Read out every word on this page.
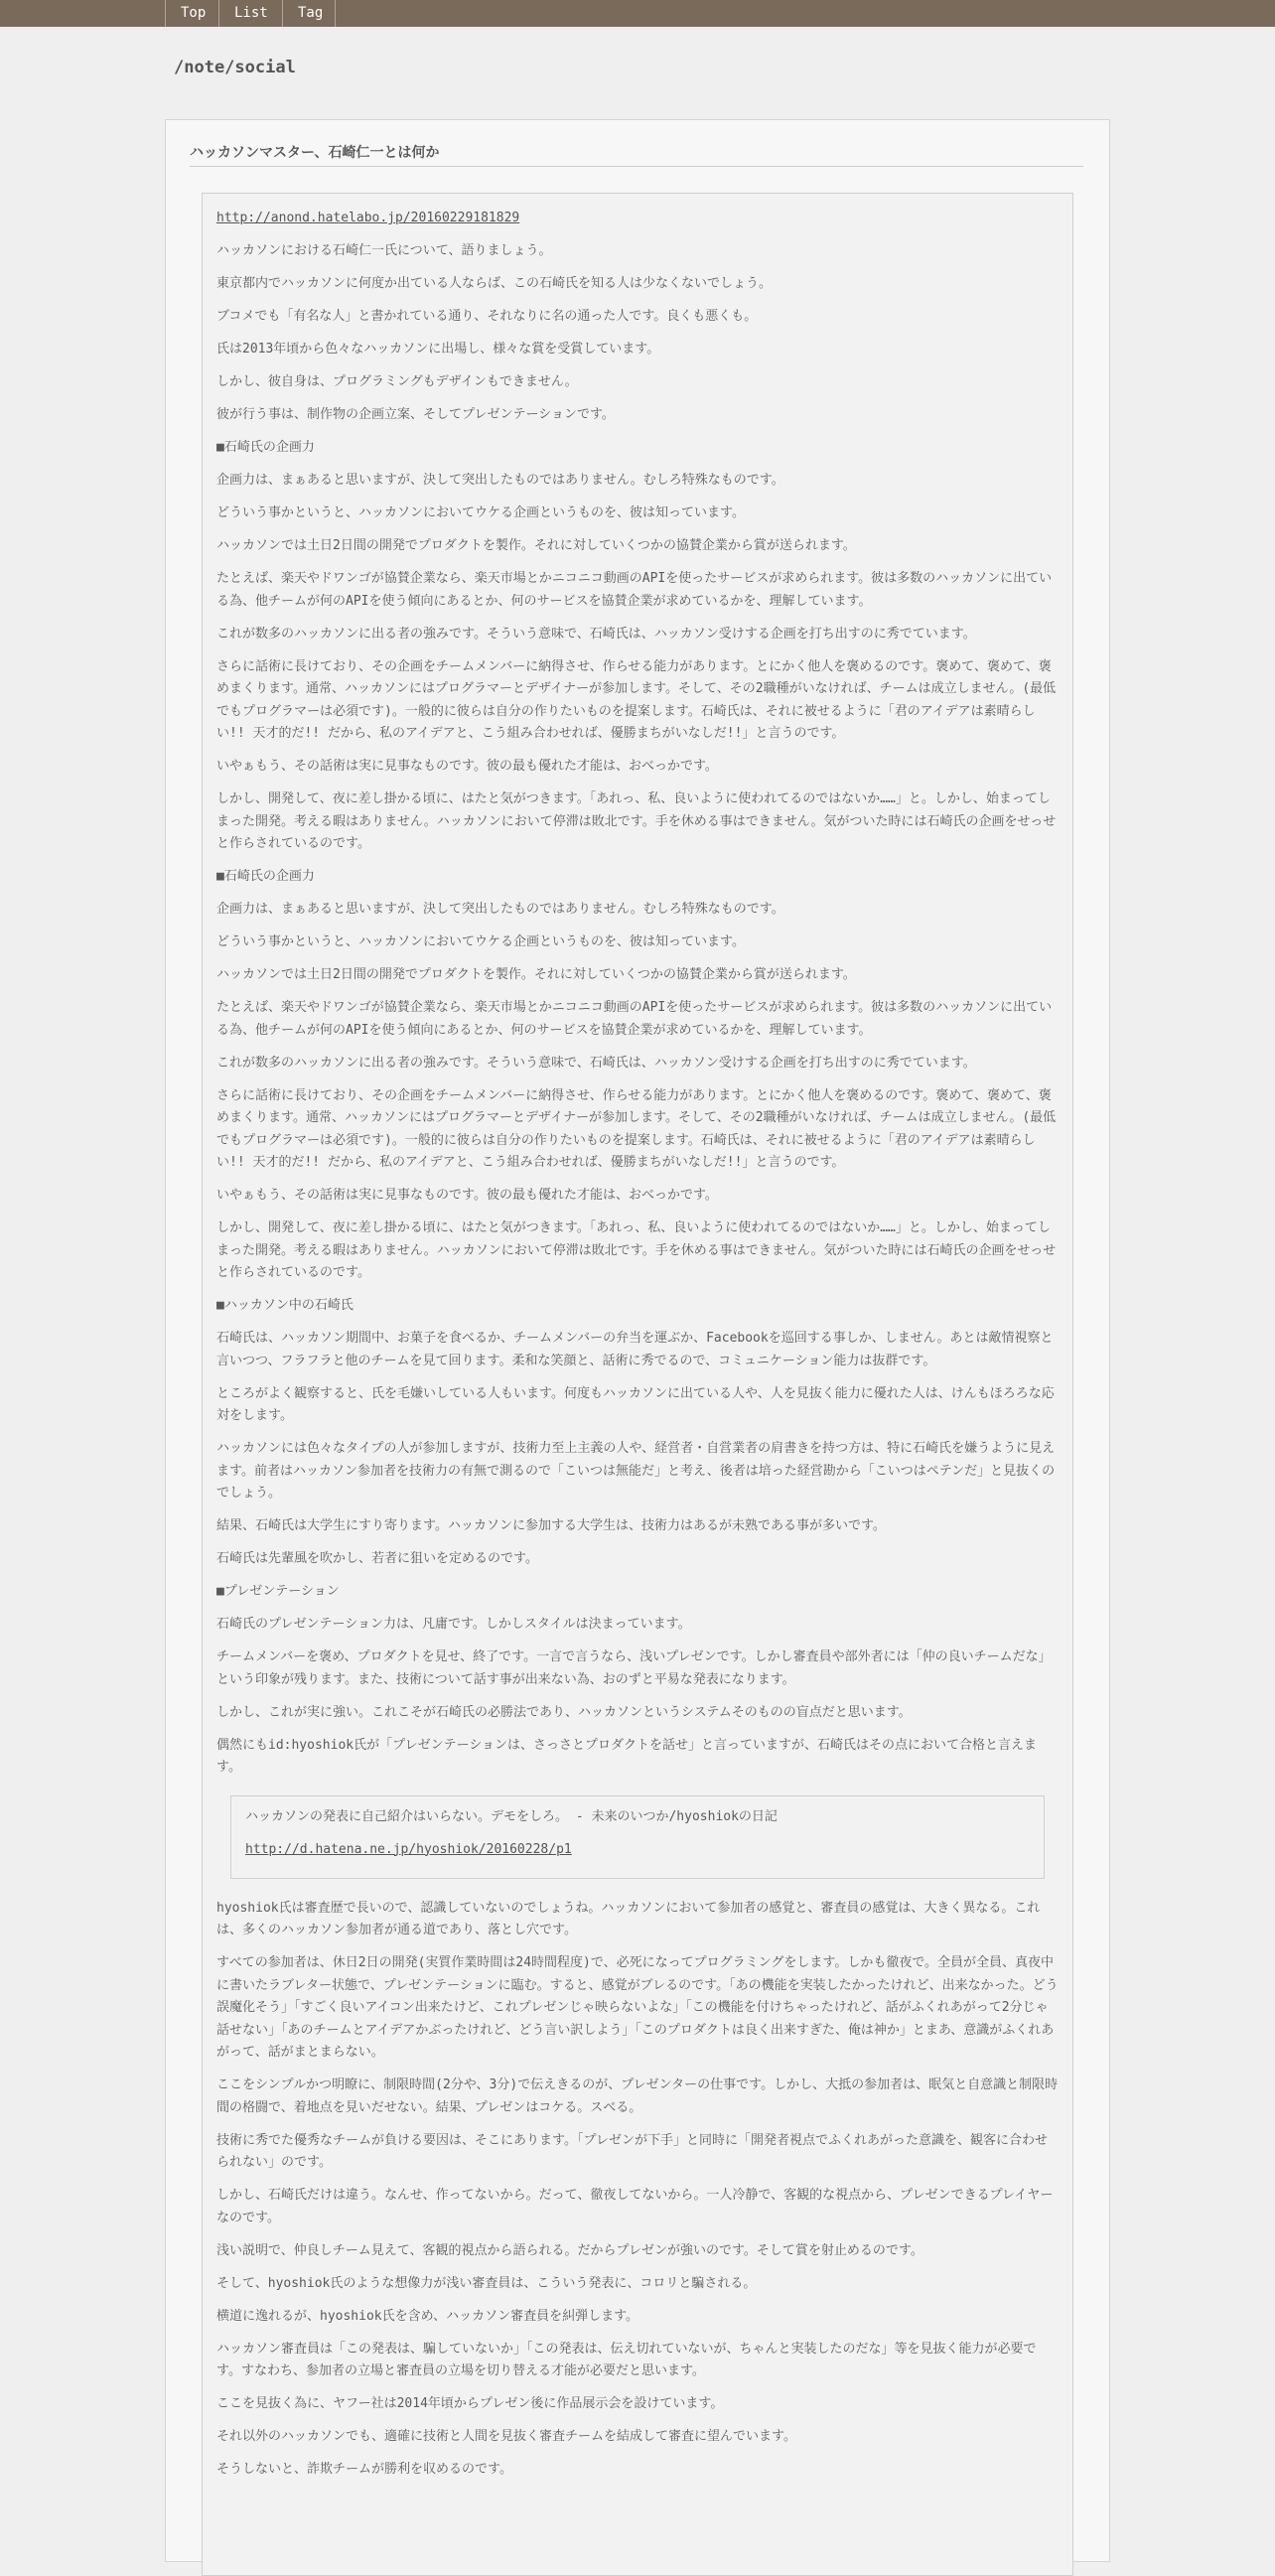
Top	List	Tag
/note/social
ハッカソンマスター、石崎仁一とは何か

http://anond.hatelabo.jp/20160229181829

ハッカソンにおける石崎仁一氏について、語りましょう。

東京都内でハッカソンに何度か出ている人ならば、この石崎氏を知る人は少なくないでしょう。

ブコメでも「有名な人」と書かれている通り、それなりに名の通った人です。良くも悪くも。

氏は2013年頃から色々なハッカソンに出場し、様々な賞を受賞しています。

しかし、彼自身は、プログラミングもデザインもできません。

彼が行う事は、制作物の企画立案、そしてプレゼンテーションです。

■石崎氏の企画力

企画力は、まぁあると思いますが、決して突出したものではありません。むしろ特殊なものです。

どういう事かというと、ハッカソンにおいてウケる企画というものを、彼は知っています。

ハッカソンでは土日2日間の開発でプロダクトを製作。それに対していくつかの協賛企業から賞が送られます。

たとえば、楽天やドワンゴが協賛企業なら、楽天市場とかニコニコ動画のAPIを使ったサービスが求められます。彼は多数のハッカソンに出ている為、他チームが何のAPIを使う傾向にあるとか、何のサービスを協賛企業が求めているかを、理解しています。

これが数多のハッカソンに出る者の強みです。そういう意味で、石崎氏は、ハッカソン受けする企画を打ち出すのに秀でています。

さらに話術に長けており、その企画をチームメンバーに納得させ、作らせる能力があります。とにかく他人を褒めるのです。褒めて、褒めて、褒めまくります。通常、ハッカソンにはプログラマーとデザイナーが参加します。そして、その2職種がいなければ、チームは成立しません。(最低でもプログラマーは必須です)。一般的に彼らは自分の作りたいものを提案します。石崎氏は、それに被せるように「君のアイデアは素晴らしい!! 天才的だ!! だから、私のアイデアと、こう組み合わせれば、優勝まちがいなしだ!!」と言うのです。

いやぁもう、その話術は実に見事なものです。彼の最も優れた才能は、おべっかです。

しかし、開発して、夜に差し掛かる頃に、はたと気がつきます。「あれっ、私、良いように使われてるのではないか……」と。しかし、始まってしまった開発。考える暇はありません。ハッカソンにおいて停滞は敗北です。手を休める事はできません。気がついた時には石崎氏の企画をせっせと作らされているのです。

■石崎氏の企画力

企画力は、まぁあると思いますが、決して突出したものではありません。むしろ特殊なものです。

どういう事かというと、ハッカソンにおいてウケる企画というものを、彼は知っています。

ハッカソンでは土日2日間の開発でプロダクトを製作。それに対していくつかの協賛企業から賞が送られます。

たとえば、楽天やドワンゴが協賛企業なら、楽天市場とかニコニコ動画のAPIを使ったサービスが求められます。彼は多数のハッカソンに出ている為、他チームが何のAPIを使う傾向にあるとか、何のサービスを協賛企業が求めているかを、理解しています。

これが数多のハッカソンに出る者の強みです。そういう意味で、石崎氏は、ハッカソン受けする企画を打ち出すのに秀でています。

さらに話術に長けており、その企画をチームメンバーに納得させ、作らせる能力があります。とにかく他人を褒めるのです。褒めて、褒めて、褒めまくります。通常、ハッカソンにはプログラマーとデザイナーが参加します。そして、その2職種がいなければ、チームは成立しません。(最低でもプログラマーは必須です)。一般的に彼らは自分の作りたいものを提案します。石崎氏は、それに被せるように「君のアイデアは素晴らしい!! 天才的だ!! だから、私のアイデアと、こう組み合わせれば、優勝まちがいなしだ!!」と言うのです。

いやぁもう、その話術は実に見事なものです。彼の最も優れた才能は、おべっかです。

しかし、開発して、夜に差し掛かる頃に、はたと気がつきます。「あれっ、私、良いように使われてるのではないか……」と。しかし、始まってしまった開発。考える暇はありません。ハッカソンにおいて停滞は敗北です。手を休める事はできません。気がついた時には石崎氏の企画をせっせと作らされているのです。

■ハッカソン中の石崎氏

石崎氏は、ハッカソン期間中、お菓子を食べるか、チームメンバーの弁当を運ぶか、Facebookを巡回する事しか、しません。あとは敵情視察と言いつつ、フラフラと他のチームを見て回ります。柔和な笑顔と、話術に秀でるので、コミュニケーション能力は抜群です。

ところがよく観察すると、氏を毛嫌いしている人もいます。何度もハッカソンに出ている人や、人を見抜く能力に優れた人は、けんもほろろな応対をします。

ハッカソンには色々なタイプの人が参加しますが、技術力至上主義の人や、経営者・自営業者の肩書きを持つ方は、特に石崎氏を嫌うように見えます。前者はハッカソン参加者を技術力の有無で測るので「こいつは無能だ」と考え、後者は培った経営勘から「こいつはペテンだ」と見抜くのでしょう。

結果、石崎氏は大学生にすり寄ります。ハッカソンに参加する大学生は、技術力はあるが未熟である事が多いです。

石崎氏は先輩風を吹かし、若者に狙いを定めるのです。

■プレゼンテーション

石崎氏のプレゼンテーション力は、凡庸です。しかしスタイルは決まっています。

チームメンバーを褒め、プロダクトを見せ、終了です。一言で言うなら、浅いプレゼンです。しかし審査員や部外者には「仲の良いチームだな」という印象が残ります。また、技術について話す事が出来ない為、おのずと平易な発表になります。

しかし、これが実に強い。これこそが石崎氏の必勝法であり、ハッカソンというシステムそのものの盲点だと思います。

偶然にもid:hyoshiok氏が「プレゼンテーションは、さっさとプロダクトを話せ」と言っていますが、石崎氏はその点において合格と言えます。

ハッカソンの発表に自己紹介はいらない。デモをしろ。 - 未来のいつか/hyoshiokの日記

http://d.hatena.ne.jp/hyoshiok/20160228/p1

hyoshiok氏は審査歴で長いので、認識していないのでしょうね。ハッカソンにおいて参加者の感覚と、審査員の感覚は、大きく異なる。これは、多くのハッカソン参加者が通る道であり、落とし穴です。

すべての参加者は、休日2日の開発(実質作業時間は24時間程度)で、必死になってプログラミングをします。しかも徹夜で。全員が全員、真夜中に書いたラブレター状態で、プレゼンテーションに臨む。すると、感覚がブレるのです。「あの機能を実装したかったけれど、出来なかった。どう誤魔化そう」「すごく良いアイコン出来たけど、これプレゼンじゃ映らないよな」「この機能を付けちゃったけれど、話がふくれあがって2分じゃ話せない」「あのチームとアイデアかぶったけれど、どう言い訳しよう」「このプロダクトは良く出来すぎた、俺は神か」とまあ、意識がふくれあがって、話がまとまらない。

ここをシンプルかつ明瞭に、制限時間(2分や、3分)で伝えきるのが、プレゼンターの仕事です。しかし、大抵の参加者は、眠気と自意識と制限時間の格闘で、着地点を見いだせない。結果、プレゼンはコケる。スベる。

技術に秀でた優秀なチームが負ける要因は、そこにあります。「プレゼンが下手」と同時に「開発者視点でふくれあがった意識を、観客に合わせられない」のです。

しかし、石崎氏だけは違う。なんせ、作ってないから。だって、徹夜してないから。一人冷静で、客観的な視点から、プレゼンできるプレイヤーなのです。

浅い説明で、仲良しチーム見えて、客観的視点から語られる。だからプレゼンが強いのです。そして賞を射止めるのです。

そして、hyoshiok氏のような想像力が浅い審査員は、こういう発表に、コロリと騙される。

横道に逸れるが、hyoshiok氏を含め、ハッカソン審査員を糾弾します。

ハッカソン審査員は「この発表は、騙していないか」「この発表は、伝え切れていないが、ちゃんと実装したのだな」等を見抜く能力が必要です。すなわち、参加者の立場と審査員の立場を切り替える才能が必要だと思います。

ここを見抜く為に、ヤフー社は2014年頃からプレゼン後に作品展示会を設けています。

それ以外のハッカソンでも、適確に技術と人間を見抜く審査チームを結成して審査に望んでいます。

そうしないと、詐欺チームが勝利を収めるのです。
